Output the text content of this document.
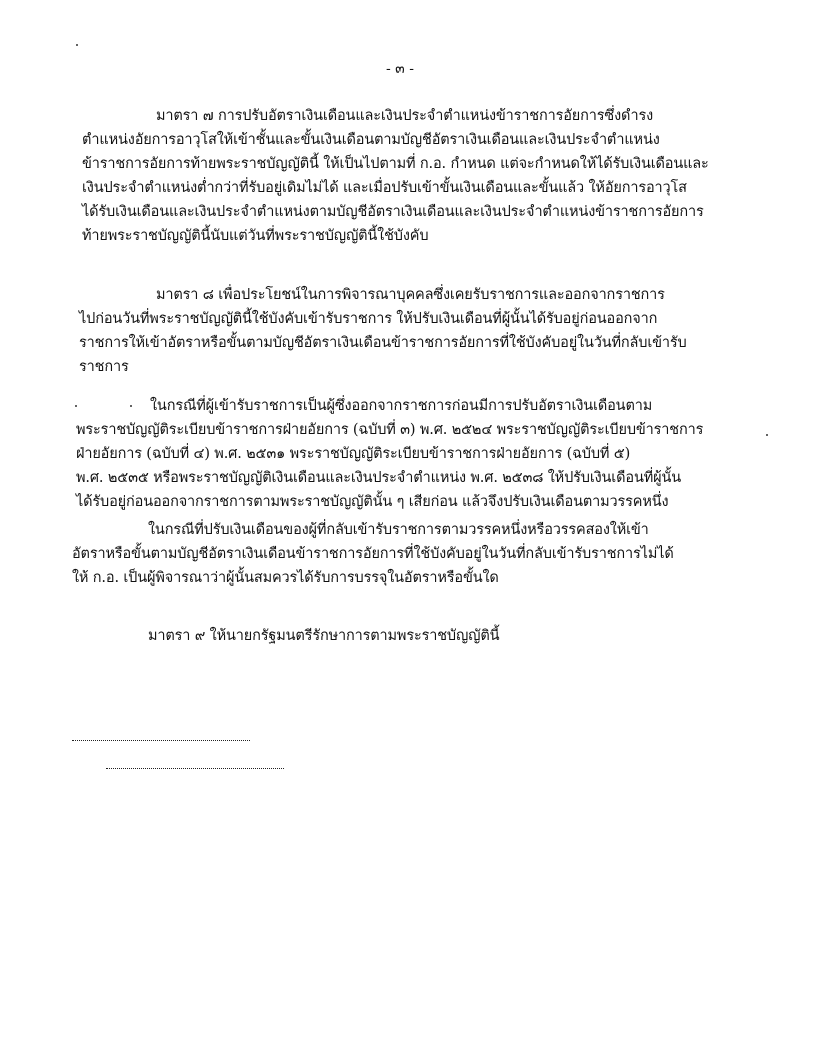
- ๓ -
มาตรา ๗ การปรับอัตราเงินเดือนและเงินประจำตำแหน่งข้าราชการอัยการซึ่งดำรง
ตำแหน่งอัยการอาวุโสให้เข้าชั้นและขั้นเงินเดือนตามบัญชีอัตราเงินเดือนและเงินประจำตำแหน่ง
ข้าราชการอัยการท้ายพระราชบัญญัตินี้ ให้เป็นไปตามที่ ก.อ. กำหนด แต่จะกำหนดให้ได้รับเงินเดือนและ
เงินประจำตำแหน่งต่ำกว่าที่รับอยู่เดิมไม่ได้ และเมื่อปรับเข้าขั้นเงินเดือนและขั้นแล้ว ให้อัยการอาวุโส
ได้รับเงินเดือนและเงินประจำตำแหน่งตามบัญชีอัตราเงินเดือนและเงินประจำตำแหน่งข้าราชการอัยการ
ท้ายพระราชบัญญัตินี้นับแต่วันที่พระราชบัญญัตินี้ใช้บังคับ
มาตรา ๘ เพื่อประโยชน์ในการพิจารณาบุคคลซึ่งเคยรับราชการและออกจากราชการ
ไปก่อนวันที่พระราชบัญญัตินี้ใช้บังคับเข้ารับราชการ ให้ปรับเงินเดือนที่ผู้นั้นได้รับอยู่ก่อนออกจาก
ราชการให้เข้าอัตราหรือขั้นตามบัญชีอัตราเงินเดือนข้าราชการอัยการที่ใช้บังคับอยู่ในวันที่กลับเข้ารับ
ราชการ
ในกรณีที่ผู้เข้ารับราชการเป็นผู้ซึ่งออกจากราชการก่อนมีการปรับอัตราเงินเดือนตาม
พระราชบัญญัติระเบียบข้าราชการฝ่ายอัยการ (ฉบับที่ ๓) พ.ศ. ๒๕๒๔ พระราชบัญญัติระเบียบข้าราชการ
ฝ่ายอัยการ (ฉบับที่ ๔) พ.ศ. ๒๕๓๑ พระราชบัญญัติระเบียบข้าราชการฝ่ายอัยการ (ฉบับที่ ๕)
พ.ศ. ๒๕๓๕ หรือพระราชบัญญัติเงินเดือนและเงินประจำตำแหน่ง พ.ศ. ๒๕๓๘ ให้ปรับเงินเดือนที่ผู้นั้น
ได้รับอยู่ก่อนออกจากราชการตามพระราชบัญญัตินั้น ๆ เสียก่อน แล้วจึงปรับเงินเดือนตามวรรคหนึ่ง
ในกรณีที่ปรับเงินเดือนของผู้ที่กลับเข้ารับราชการตามวรรคหนึ่งหรือวรรคสองให้เข้า
อัตราหรือขั้นตามบัญชีอัตราเงินเดือนข้าราชการอัยการที่ใช้บังคับอยู่ในวันที่กลับเข้ารับราชการไม่ได้
ให้ ก.อ. เป็นผู้พิจารณาว่าผู้นั้นสมควรได้รับการบรรจุในอัตราหรือขั้นใด
มาตรา ๙ ให้นายกรัฐมนตรีรักษาการตามพระราชบัญญัตินี้
